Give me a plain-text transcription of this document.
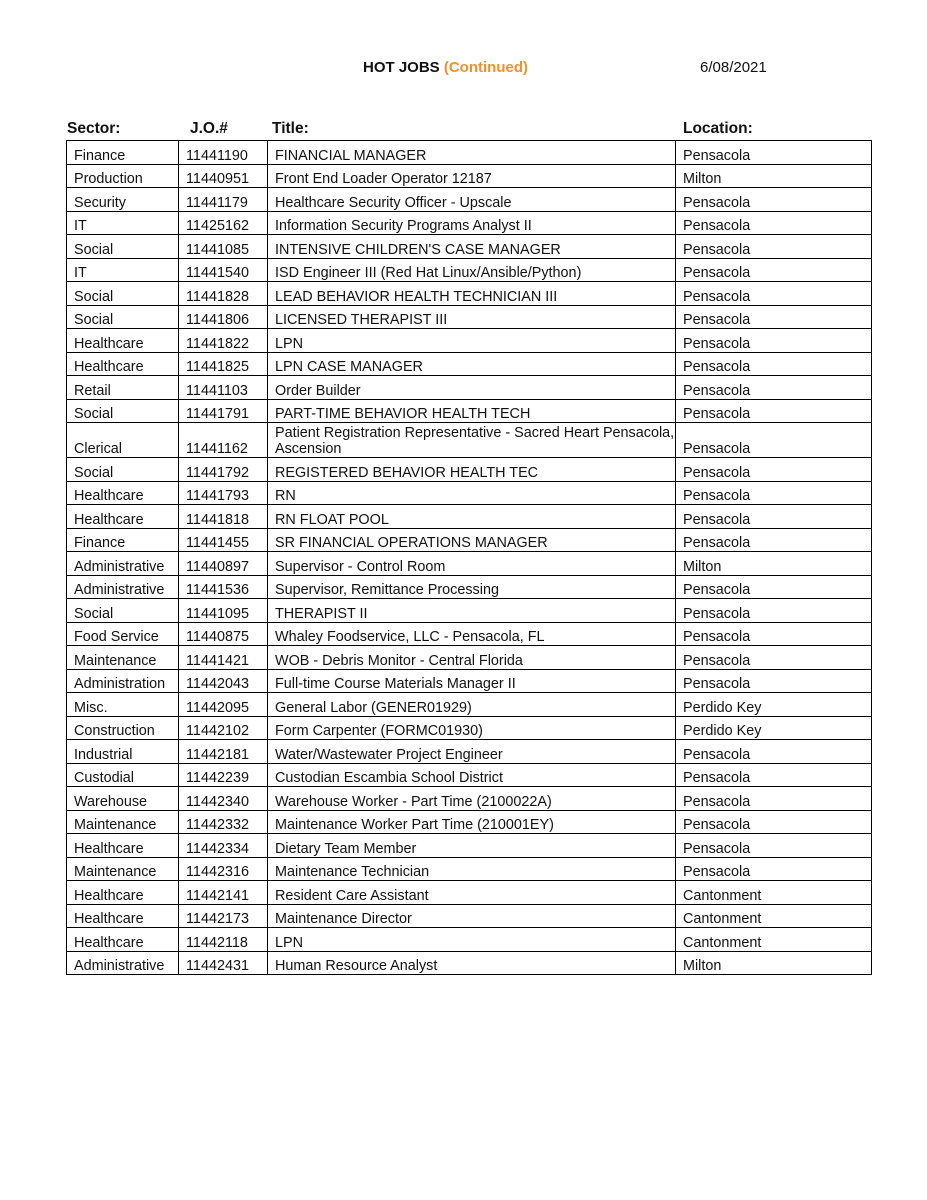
HOT JOBS (Continued)	6/08/2021
Sector:	J.O.#	Title:	Location:
Finance	11441190	FINANCIAL MANAGER	Pensacola
Production	11440951	Front End Loader Operator 12187	Milton
Security	11441179	Healthcare Security Officer - Upscale	Pensacola
IT	11425162	Information Security Programs Analyst II	Pensacola
Social	11441085	INTENSIVE CHILDREN'S CASE MANAGER	Pensacola
IT	11441540	ISD Engineer III (Red Hat Linux/Ansible/Python)	Pensacola
Social	11441828	LEAD BEHAVIOR HEALTH TECHNICIAN III	Pensacola
Social	11441806	LICENSED THERAPIST III	Pensacola
Healthcare	11441822	LPN	Pensacola
Healthcare	11441825	LPN CASE MANAGER	Pensacola
Retail	11441103	Order Builder	Pensacola
Social	11441791	PART-TIME BEHAVIOR HEALTH TECH	Pensacola
Clerical	11441162	Patient Registration Representative - Sacred Heart Pensacola, Ascension	Pensacola
Social	11441792	REGISTERED BEHAVIOR HEALTH TEC	Pensacola
Healthcare	11441793	RN	Pensacola
Healthcare	11441818	RN FLOAT POOL	Pensacola
Finance	11441455	SR FINANCIAL OPERATIONS MANAGER	Pensacola
Administrative	11440897	Supervisor - Control Room	Milton
Administrative	11441536	Supervisor, Remittance Processing	Pensacola
Social	11441095	THERAPIST II	Pensacola
Food Service	11440875	Whaley Foodservice, LLC - Pensacola, FL	Pensacola
Maintenance	11441421	WOB - Debris Monitor - Central Florida	Pensacola
Administration	11442043	Full-time Course Materials Manager II	Pensacola
Misc.	11442095	General Labor (GENER01929)	Perdido Key
Construction	11442102	Form Carpenter (FORMC01930)	Perdido Key
Industrial	11442181	Water/Wastewater Project Engineer	Pensacola
Custodial	11442239	Custodian Escambia School District	Pensacola
Warehouse	11442340	Warehouse Worker - Part Time (2100022A)	Pensacola
Maintenance	11442332	Maintenance Worker Part Time (210001EY)	Pensacola
Healthcare	11442334	Dietary Team Member	Pensacola
Maintenance	11442316	Maintenance Technician	Pensacola
Healthcare	11442141	Resident Care Assistant	Cantonment
Healthcare	11442173	Maintenance Director	Cantonment
Healthcare	11442118	LPN	Cantonment
Administrative	11442431	Human Resource Analyst	Milton
